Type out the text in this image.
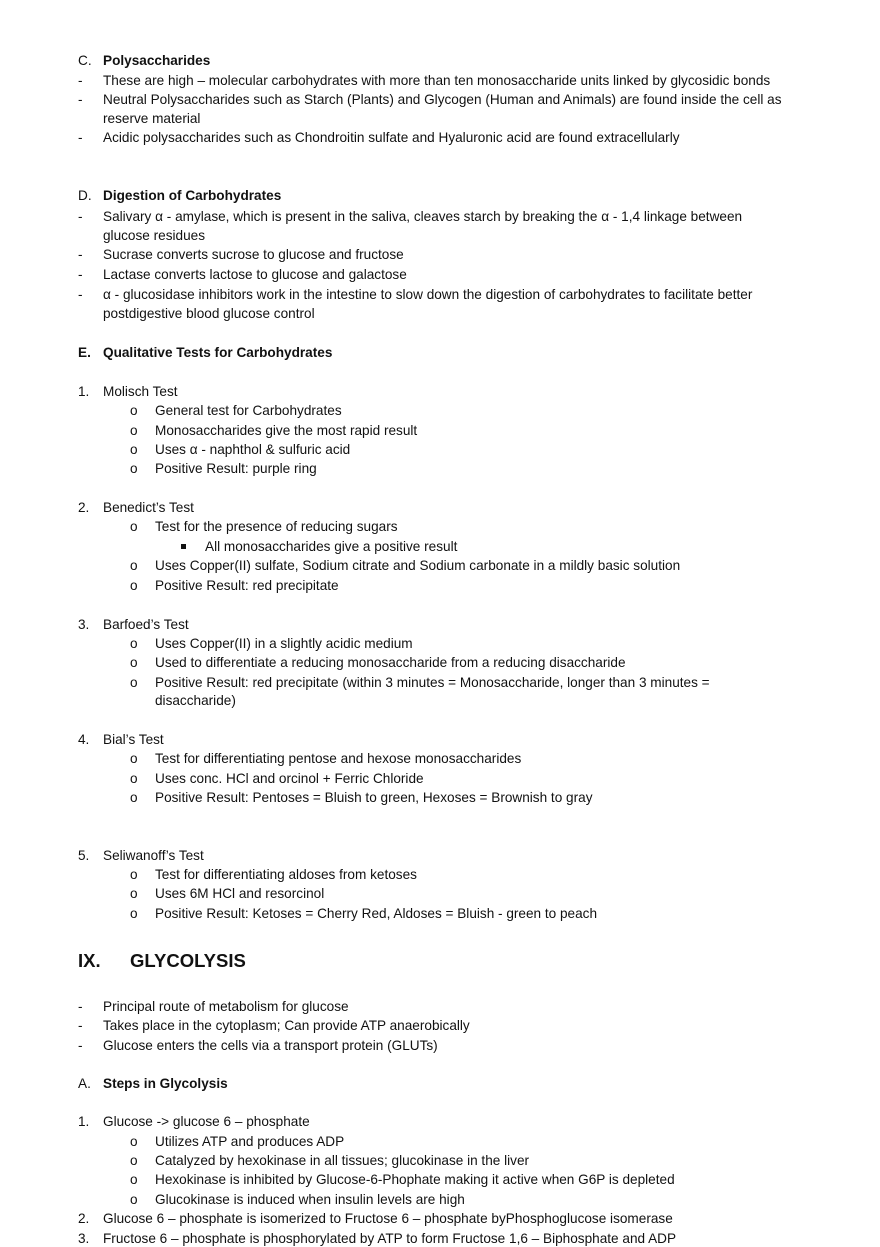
C. Polysaccharides
- These are high – molecular carbohydrates with more than ten monosaccharide units linked by glycosidic bonds
- Neutral Polysaccharides such as Starch (Plants) and Glycogen (Human and Animals) are found inside the cell as
reserve material
- Acidic polysaccharides such as Chondroitin sulfate and Hyaluronic acid are found extracellularly
D. Digestion of Carbohydrates
- Salivary α - amylase, which is present in the saliva, cleaves starch by breaking the α - 1,4 linkage between
glucose residues
- Sucrase converts sucrose to glucose and fructose
- Lactase converts lactose to glucose and galactose
- α - glucosidase inhibitors work in the intestine to slow down the digestion of carbohydrates to facilitate better
postdigestive blood glucose control
E. Qualitative Tests for Carbohydrates
1. Molisch Test
o General test for Carbohydrates
o Monosaccharides give the most rapid result
o Uses α - naphthol & sulfuric acid
o Positive Result: purple ring
2. Benedict’s Test
o Test for the presence of reducing sugars
All monosaccharides give a positive result
o Uses Copper(II) sulfate, Sodium citrate and Sodium carbonate in a mildly basic solution
o Positive Result: red precipitate
3. Barfoed’s Test
o Uses Copper(II) in a slightly acidic medium
o Used to differentiate a reducing monosaccharide from a reducing disaccharide
o Positive Result: red precipitate (within 3 minutes = Monosaccharide, longer than 3 minutes =
disaccharide)
4. Bial’s Test
o Test for differentiating pentose and hexose monosaccharides
o Uses conc. HCl and orcinol + Ferric Chloride
o Positive Result: Pentoses = Bluish to green, Hexoses = Brownish to gray
5. Seliwanoff’s Test
o Test for differentiating aldoses from ketoses
o Uses 6M HCl and resorcinol
o Positive Result: Ketoses = Cherry Red, Aldoses = Bluish - green to peach
IX. GLYCOLYSIS
- Principal route of metabolism for glucose
- Takes place in the cytoplasm; Can provide ATP anaerobically
- Glucose enters the cells via a transport protein (GLUTs)
A. Steps in Glycolysis
1. Glucose -> glucose 6 – phosphate
o Utilizes ATP and produces ADP
o Catalyzed by hexokinase in all tissues; glucokinase in the liver
o Hexokinase is inhibited by Glucose-6-Phophate making it active when G6P is depleted
o Glucokinase is induced when insulin levels are high
2. Glucose 6 – phosphate is isomerized to Fructose 6 – phosphate byPhosphoglucose isomerase
3. Fructose 6 – phosphate is phosphorylated by ATP to form Fructose 1,6 – Biphosphate and ADP
